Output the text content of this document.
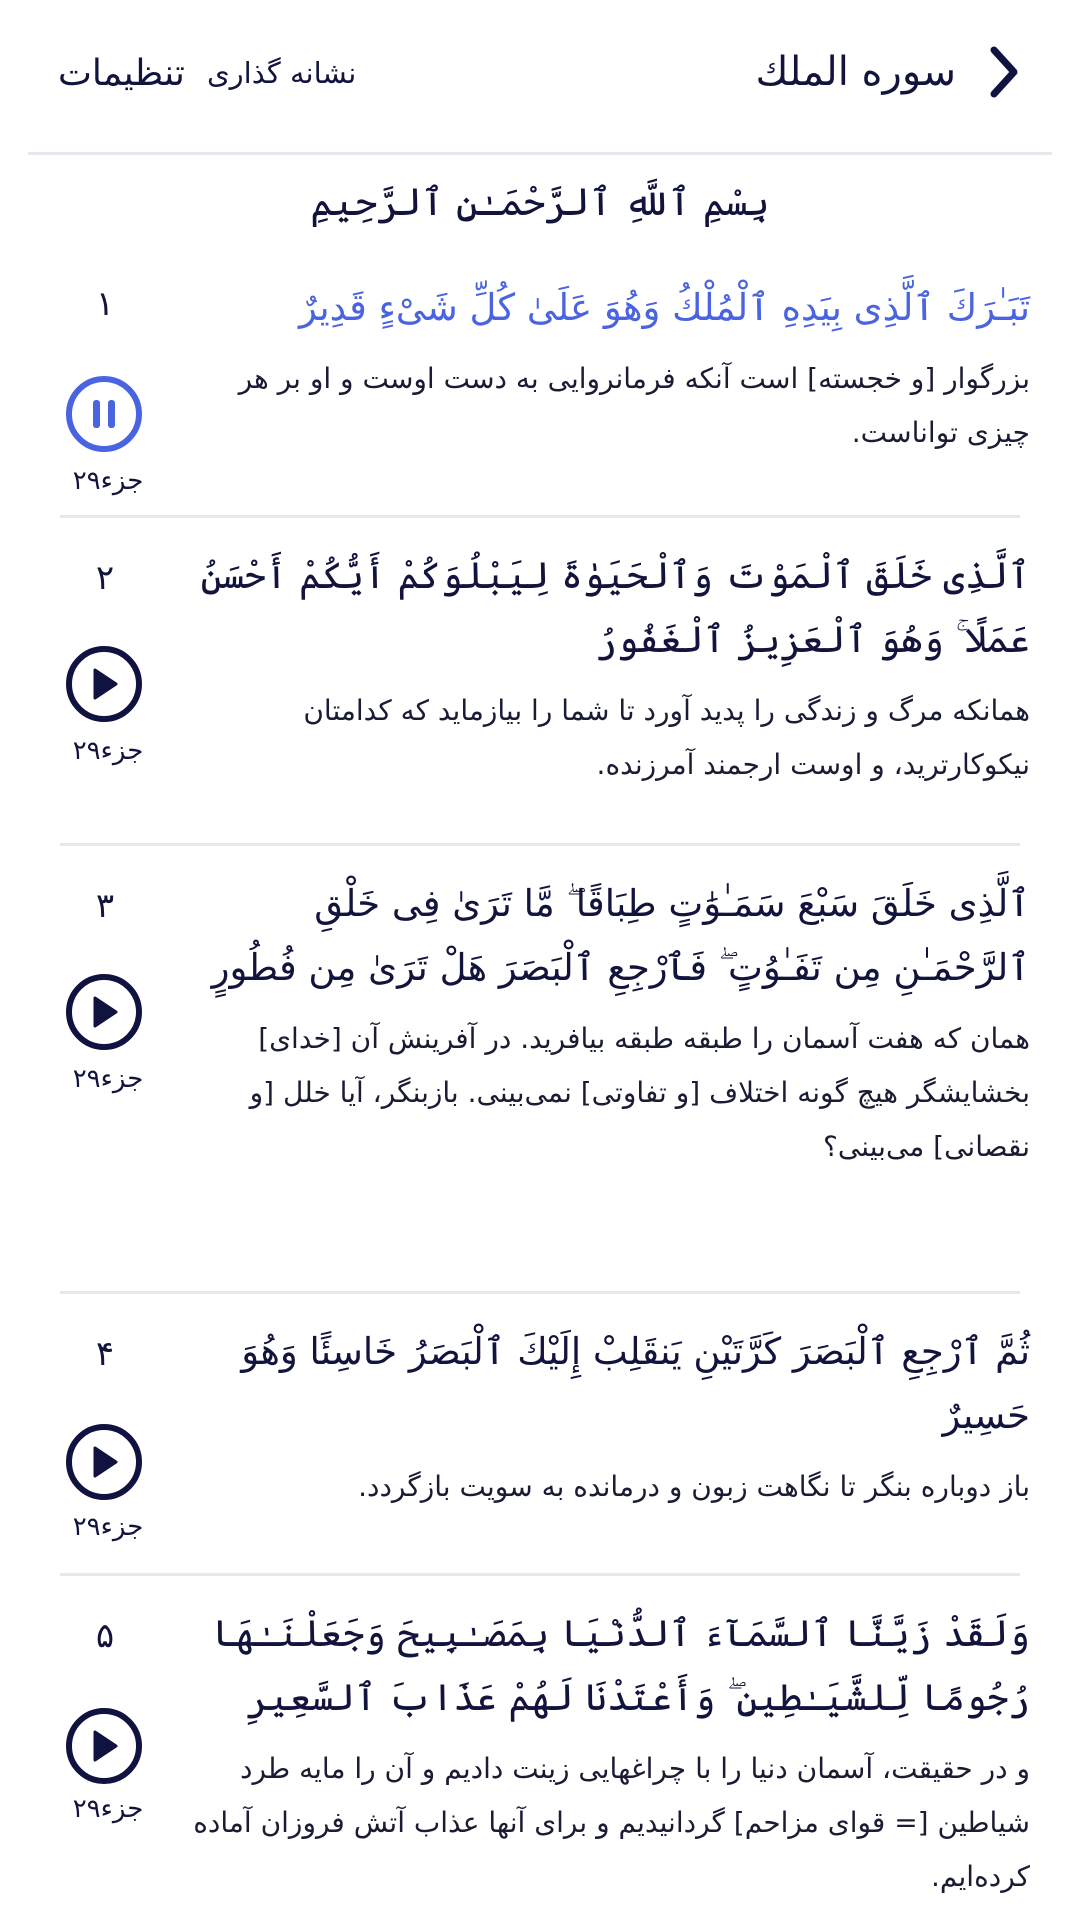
تنظیمات نشانه گذاری	سوره الملك
بِسْمِ ٱللَّهِ ٱلرَّحْمَـٰنِ ٱلرَّحِيمِ
١
جزء۲۹
تَبَـٰرَكَ ٱلَّذِى بِيَدِهِ ٱلْمُلْكُ وَهُوَ عَلَىٰ كُلِّ شَىْءٍ قَدِيرٌ
بزرگوار [و خجسته] است آنکه فرمانروایی به دست اوست و او بر هر چیزی تواناست.
٢
جزء۲۹
ٱلَّذِى خَلَقَ ٱلْمَوْتَ وَٱلْحَيَوٰةَ لِيَبْلُوَكُمْ أَيُّكُمْ أَحْسَنُ عَمَلًا ۚ وَهُوَ ٱلْعَزِيزُ ٱلْغَفُورُ
همانکه مرگ و زندگی را پدید آورد تا شما را بیازماید که کدامتان نیکوکارترید، و اوست ارجمند آمرزنده.
٣
جزء۲۹
ٱلَّذِى خَلَقَ سَبْعَ سَمَـٰوَٰتٍ طِبَاقًا ۖ مَّا تَرَىٰ فِى خَلْقِ ٱلرَّحْمَـٰنِ مِن تَفَـٰوُتٍ ۖ فَٱرْجِعِ ٱلْبَصَرَ هَلْ تَرَىٰ مِن فُطُورٍ
همان که هفت آسمان را طبقه طبقه بیافرید. در آفرینش آن [خدای] بخشایشگر هیچ گونه اختلاف [و تفاوتی] نمی‌بینی. بازبنگر، آیا خلل [و نقصانی] می‌بینی؟
۴
جزء۲۹
ثُمَّ ٱرْجِعِ ٱلْبَصَرَ كَرَّتَيْنِ يَنقَلِبْ إِلَيْكَ ٱلْبَصَرُ خَاسِئًا وَهُوَ حَسِيرٌ
باز دوباره بنگر تا نگاهت زبون و درمانده به سویت بازگردد.
۵
جزء۲۹
وَلَقَدْ زَيَّنَّا ٱلسَّمَآءَ ٱلدُّنْيَا بِمَصَـٰبِيحَ وَجَعَلْنَـٰهَا رُجُومًا لِّلشَّيَـٰطِينِ ۖ وَأَعْتَدْنَا لَهُمْ عَذَابَ ٱلسَّعِيرِ
و در حقیقت، آسمان دنیا را با چراغهایی زینت دادیم و آن را مایه طرد شیاطین [= قوای مزاحم] گردانیدیم و برای آنها عذاب آتش فروزان آماده کرده‌ایم.
